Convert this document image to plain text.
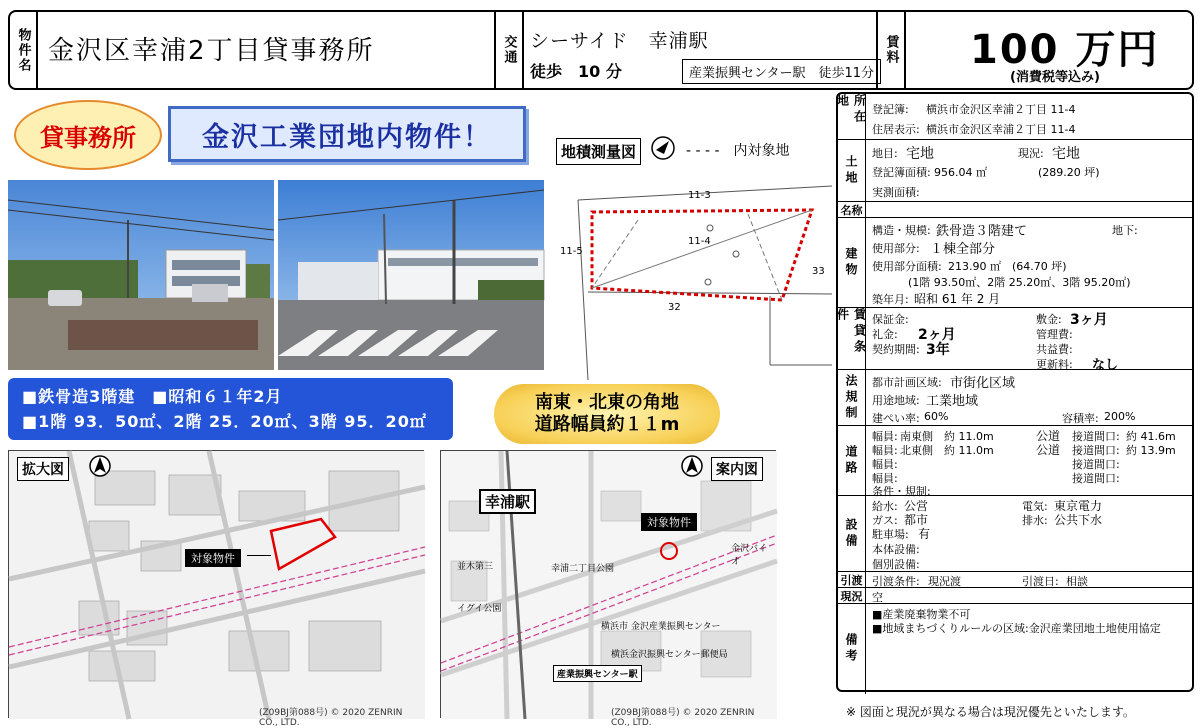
物件名 金沢区幸浦2丁目貸事務所	交通 シーサイド　幸浦駅
徒歩　10 分	産業振興センター駅　徒歩11分
賃料 100 万円
(消費税等込み)
貸事務所	金沢工業団地内物件！	地積測量図	- - - -　内対象地
11-3
11-4
11-5
33
32
■鉄骨造3階建　■昭和６１年2月
■1階 93．50㎡、2階 25．20㎡、3階 95．20㎡
南東・北東の角地
道路幅員約１１m
拡大図
対象物件
(Z09BJ第088号) © 2020 ZENRIN CO., LTD.
案内図
幸浦駅
対象物件
産業振興センター駅
金沢バイオ
幸浦二丁目公園
並木第三
イグイ公園
横浜市 金沢産業振興センター
横浜金沢振興センター郵便局
(Z09BJ第088号) © 2020 ZENRIN CO., LTD.
所在地	登記簿: 横浜市金沢区幸浦２丁目 11-4
住居表示: 横浜市金沢区幸浦２丁目 11-4
土地
地目: 宅地	現況: 宅地
登記簿面積: 956.04 ㎡	(289.20 坪)
実測面積:
名称
建物
構造・規模: 鉄骨造３階建て	地下:
使用部分: １棟全部分
使用部分面積: 213.90 ㎡　(64.70 坪)
(1階 93.50㎡、2階 25.20㎡、3階 95.20㎡)
築年月: 昭和 61 年 2 月
賃貸条件	保証金:	敷金: 3ヶ月
礼金: 2ヶ月	管理費:
契約期間: 3年	共益費:
更新料: なし
法規制	都市計画区域: 市街化区域
用途地域: 工業地域
建ぺい率: 60%	容積率: 200%
道路
幅員: 南東側　約 11.0m	公道 接道間口: 約 41.6m
幅員: 北東側　約 11.0m	公道 接道間口: 約 13.9m
幅員:	接道間口:
幅員:	接道間口:
条件・規制:
設備
給水: 公営	電気: 東京電力
ガス: 都市	排水: 公共下水
駐車場: 有
本体設備:
個別設備:
引渡 引渡条件: 現況渡	引渡日: 相談
現況 空
備考
■産業廃棄物業不可
■地域まちづくりルールの区域:金沢産業団地土地使用協定
※ 図面と現況が異なる場合は現況優先といたします。
